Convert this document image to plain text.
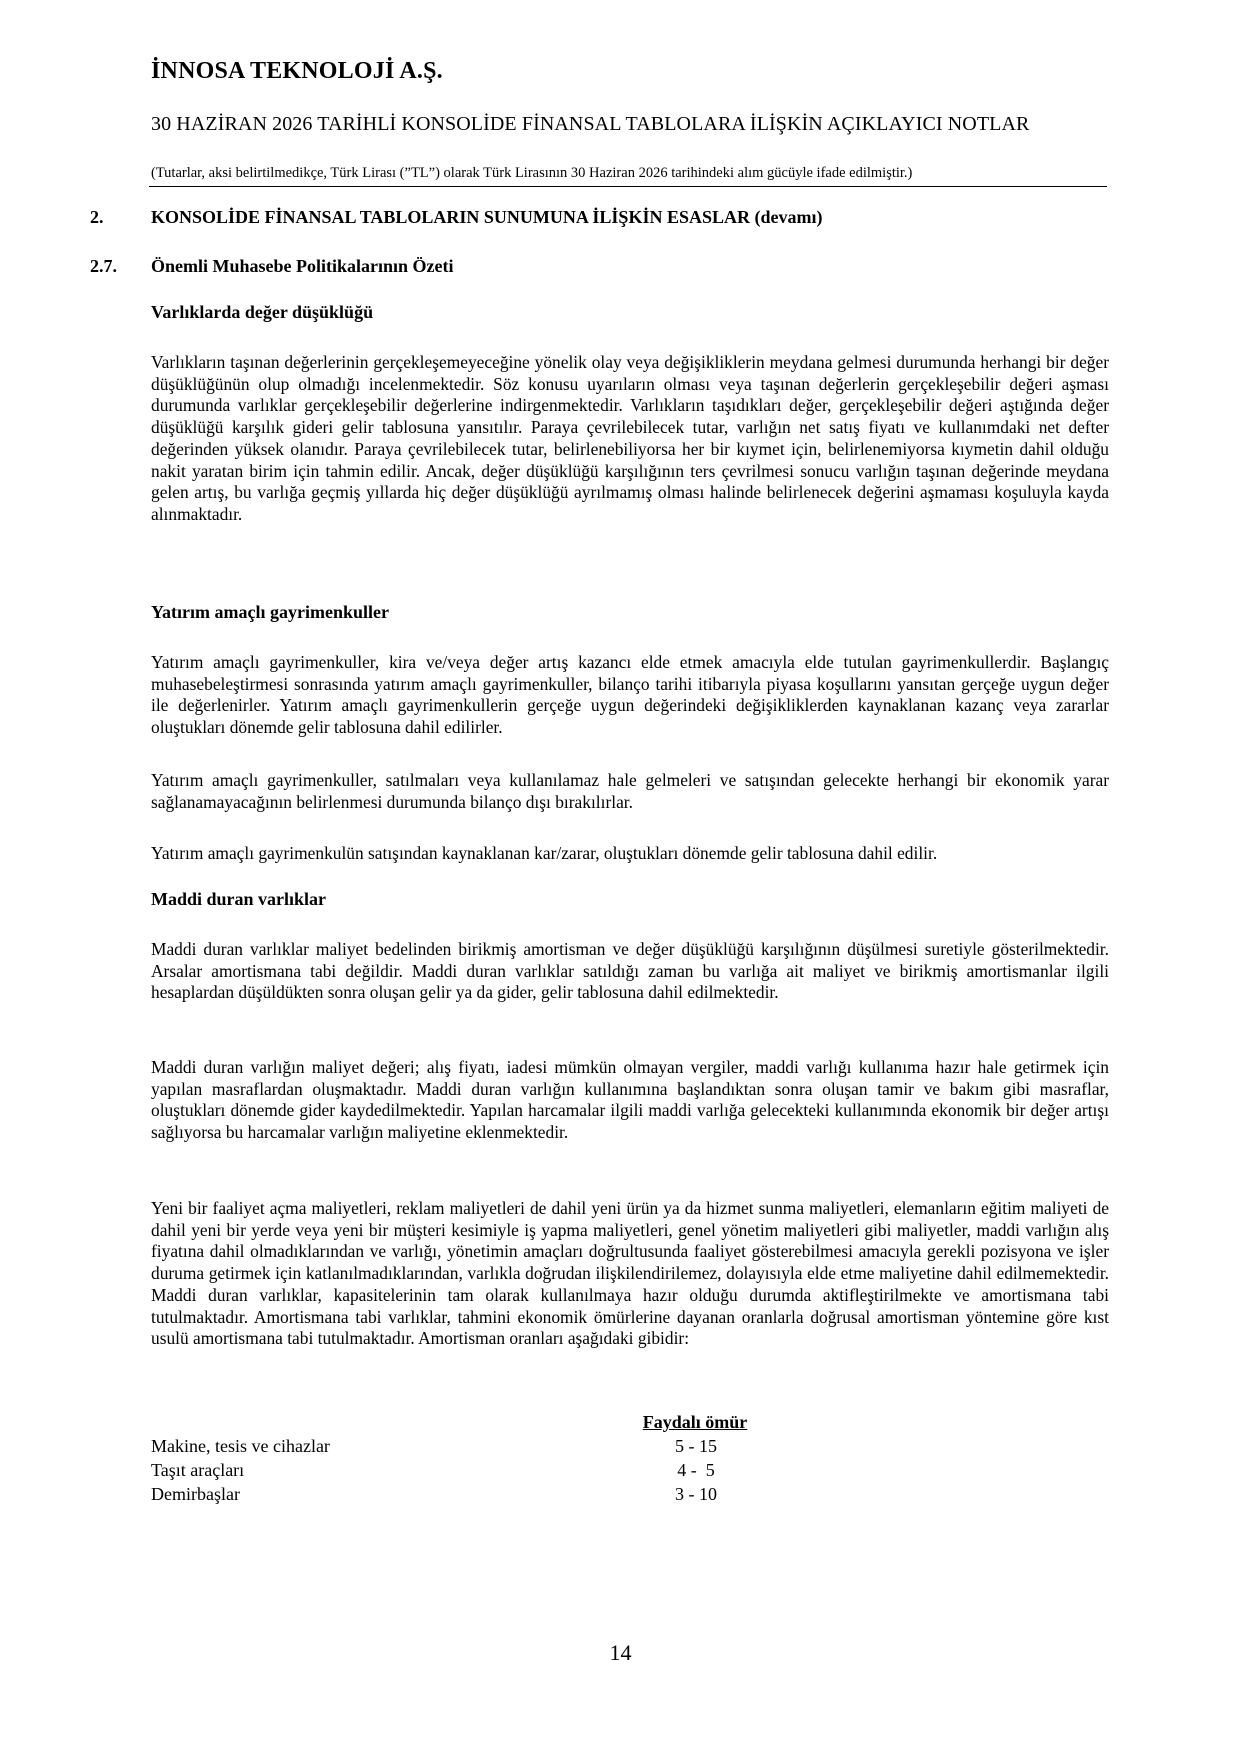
İNNOSA TEKNOLOJİ A.Ş.
30 HAZİRAN 2026 TARİHLİ KONSOLİDE FİNANSAL TABLOLARA İLİŞKİN AÇIKLAYICI NOTLAR
(Tutarlar, aksi belirtilmedikçe, Türk Lirası (”TL”) olarak Türk Lirasının 30 Haziran 2026 tarihindeki alım gücüyle ifade edilmiştir.)
2.	KONSOLİDE FİNANSAL TABLOLARIN SUNUMUNA İLİŞKİN ESASLAR (devamı)
2.7. Önemli Muhasebe Politikalarının Özeti
Varlıklarda değer düşüklüğü
Varlıkların taşınan değerlerinin gerçekleşemeyeceğine yönelik olay veya değişikliklerin meydana gelmesi durumunda herhangi bir değer düşüklüğünün olup olmadığı incelenmektedir. Söz konusu uyarıların olması veya taşınan değerlerin gerçekleşebilir değeri aşması durumunda varlıklar gerçekleşebilir değerlerine indirgenmektedir. Varlıkların taşıdıkları değer, gerçekleşebilir değeri aştığında değer düşüklüğü karşılık gideri gelir tablosuna yansıtılır. Paraya çevrilebilecek tutar, varlığın net satış fiyatı ve kullanımdaki net defter değerinden yüksek olanıdır. Paraya çevrilebilecek tutar, belirlenebiliyorsa her bir kıymet için, belirlenemiyorsa kıymetin dahil olduğu nakit yaratan birim için tahmin edilir. Ancak, değer düşüklüğü karşılığının ters çevrilmesi sonucu varlığın taşınan değerinde meydana gelen artış, bu varlığa geçmiş yıllarda hiç değer düşüklüğü ayrılmamış olması halinde belirlenecek değerini aşmaması koşuluyla kayda alınmaktadır.
Yatırım amaçlı gayrimenkuller
Yatırım amaçlı gayrimenkuller, kira ve/veya değer artış kazancı elde etmek amacıyla elde tutulan gayrimenkullerdir. Başlangıç muhasebeleştirmesi sonrasında yatırım amaçlı gayrimenkuller, bilanço tarihi itibarıyla piyasa koşullarını yansıtan gerçeğe uygun değer ile değerlenirler. Yatırım amaçlı gayrimenkullerin gerçeğe uygun değerindeki değişikliklerden kaynaklanan kazanç veya zararlar oluştukları dönemde gelir tablosuna dahil edilirler.
Yatırım amaçlı gayrimenkuller, satılmaları veya kullanılamaz hale gelmeleri ve satışından gelecekte herhangi bir ekonomik yarar sağlanamayacağının belirlenmesi durumunda bilanço dışı bırakılırlar.
Yatırım amaçlı gayrimenkulün satışından kaynaklanan kar/zarar, oluştukları dönemde gelir tablosuna dahil edilir.
Maddi duran varlıklar
Maddi duran varlıklar maliyet bedelinden birikmiş amortisman ve değer düşüklüğü karşılığının düşülmesi suretiyle gösterilmektedir. Arsalar amortismana tabi değildir. Maddi duran varlıklar satıldığı zaman bu varlığa ait maliyet ve birikmiş amortismanlar ilgili hesaplardan düşüldükten sonra oluşan gelir ya da gider, gelir tablosuna dahil edilmektedir.
Maddi duran varlığın maliyet değeri; alış fiyatı, iadesi mümkün olmayan vergiler, maddi varlığı kullanıma hazır hale getirmek için yapılan masraflardan oluşmaktadır. Maddi duran varlığın kullanımına başlandıktan sonra oluşan tamir ve bakım gibi masraflar, oluştukları dönemde gider kaydedilmektedir. Yapılan harcamalar ilgili maddi varlığa gelecekteki kullanımında ekonomik bir değer artışı sağlıyorsa bu harcamalar varlığın maliyetine eklenmektedir.
Yeni bir faaliyet açma maliyetleri, reklam maliyetleri de dahil yeni ürün ya da hizmet sunma maliyetleri, elemanların eğitim maliyeti de dahil yeni bir yerde veya yeni bir müşteri kesimiyle iş yapma maliyetleri, genel yönetim maliyetleri gibi maliyetler, maddi varlığın alış fiyatına dahil olmadıklarından ve varlığı, yönetimin amaçları doğrultusunda faaliyet gösterebilmesi amacıyla gerekli pozisyona ve işler duruma getirmek için katlanılmadıklarından, varlıkla doğrudan ilişkilendirilemez, dolayısıyla elde etme maliyetine dahil edilmemektedir. Maddi duran varlıklar, kapasitelerinin tam olarak kullanılmaya hazır olduğu durumda aktifleştirilmekte ve amortismana tabi tutulmaktadır. Amortismana tabi varlıklar, tahmini ekonomik ömürlerine dayanan oranlarla doğrusal amortisman yöntemine göre kıst usulü amortismana tabi tutulmaktadır. Amortisman oranları aşağıdaki gibidir:
Faydalı ömür
Makine, tesis ve cihazlar	5 - 15
Taşıt araçları	4 -  5
Demirbaşlar	3 - 10
14
